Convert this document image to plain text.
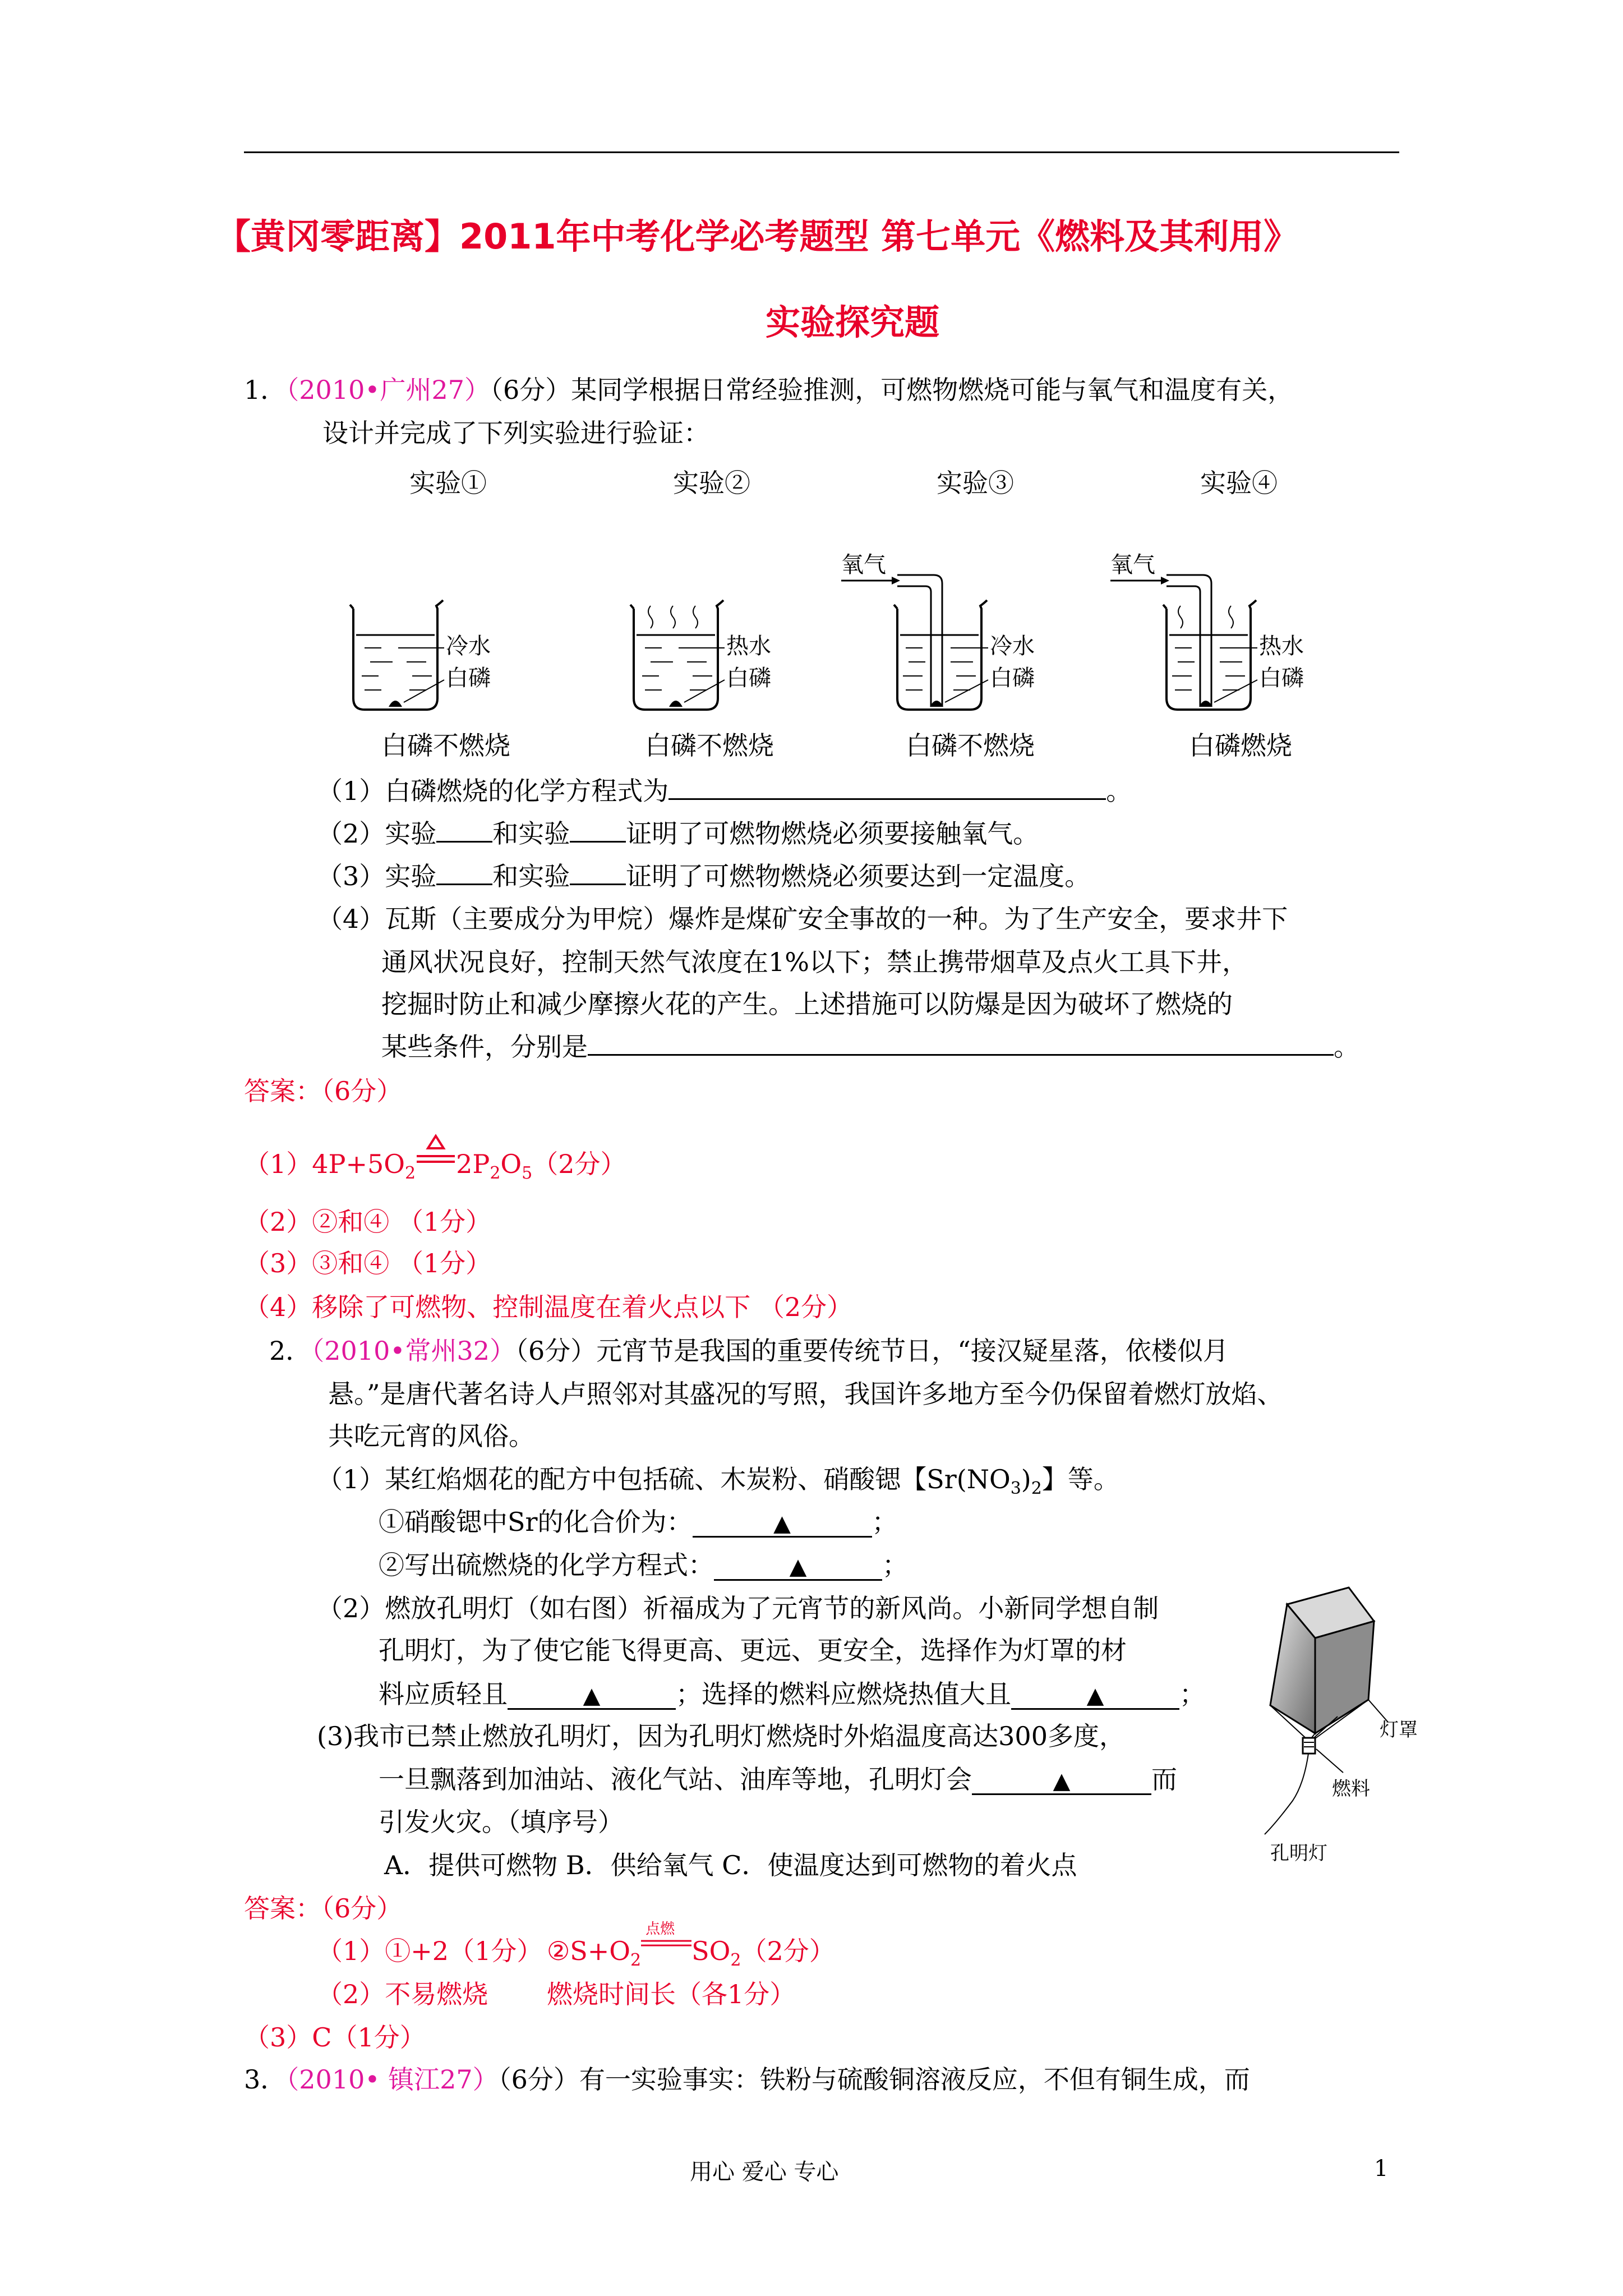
【黄冈零距离】2011年中考化学必考题型 第七单元《燃料及其利用》
实验探究题
1．（2010•广州27）（6分）某同学根据日常经验推测，可燃物燃烧可能与氧气和温度有关，
设计并完成了下列实验进行验证：
实验①
冷水
白磷
白磷不燃烧
实验②
热水
白磷
白磷不燃烧
实验③
氧气
冷水
白磷
白磷不燃烧
实验④
氧气
热水
白磷
白磷燃烧
（1）白磷燃烧的化学方程式为	。
（2）实验 和实验 证明了可燃物燃烧必须要接触氧气。
（3）实验 和实验 证明了可燃物燃烧必须要达到一定温度。
（4）瓦斯（主要成分为甲烷）爆炸是煤矿安全事故的一种。为了生产安全，要求井下
通风状况良好，控制天然气浓度在1%以下；禁止携带烟草及点火工具下井，
挖掘时防止和减少摩擦火花的产生。上述措施可以防爆是因为破坏了燃烧的
某些条件，分别是	。
答案：（6分）
$(1)4P+5O_2$ $2P_2O_5(2$分）
（2）②和④ （1分）
（3）③和④ （1分）
（4）移除了可燃物、控制温度在着火点以下 （2分）
2．（2010•常州32）（6分）元宵节是我国的重要传统节日，“接汉疑星落，依楼似月
悬。”是唐代著名诗人卢照邻对其盛况的写照，我国许多地方至今仍保留着燃灯放焰、
共吃元宵的风俗。
（1）某红焰烟花的配方中包括硫、木炭粉、硝酸锶【$Sr(NO_3)_2$】等。
①硝酸锶中Sr的化合价为：	▲	；
②写出硫燃烧的化学方程式：	▲	；
（2）燃放孔明灯（如右图）祈福成为了元宵节的新风尚。小新同学想自制
孔明灯，为了使它能飞得更高、更远、更安全，选择作为灯罩的材
料应质轻且	▲	；选择的燃料应燃烧热值大且	▲	；
(3)我市已禁止燃放孔明灯，因为孔明灯燃烧时外焰温度高达300多度，
一旦飘落到加油站、液化气站、油库等地，孔明灯会	▲	而
引发火灾。（填序号）
A．提供可燃物 B．供给氧气 C．使温度达到可燃物的着火点
灯罩
燃料
孔明灯
答案：（6分）
（1）①+2（1分） $②S+O_2$
点燃
$SO_2(2$分）
（2）不易燃烧 燃烧时间长（各1分）
（3）C（1分）
3．（2010• 镇江27）（6分）有一实验事实：铁粉与硫酸铜溶液反应，不但有铜生成，而
用心 爱心 专心	1
